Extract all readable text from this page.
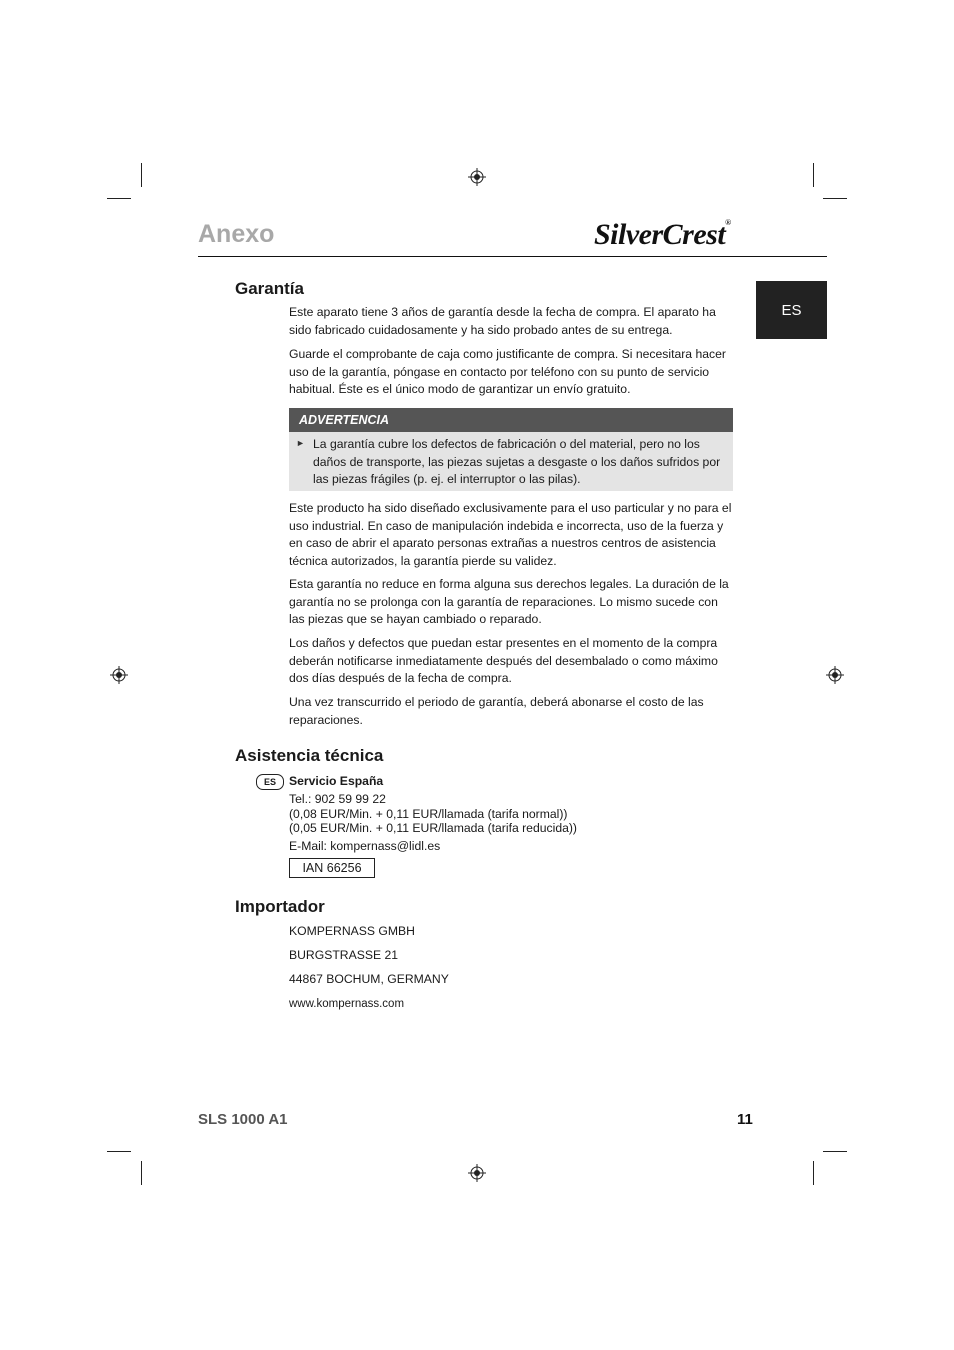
Anexo	SilverCrest®
ES
Garantía

Este aparato tiene 3 años de garantía desde la fecha de compra. El aparato ha sido fabricado cuidadosamente y ha sido probado antes de su entrega.

Guarde el comprobante de caja como justificante de compra. Si necesitara hacer uso de la garantía, póngase en contacto por teléfono con su punto de servicio habitual. Éste es el único modo de garantizar un envío gratuito.

ADVERTENCIA
► La garantía cubre los defectos de fabricación o del material, pero no los daños de transporte, las piezas sujetas a desgaste o los daños sufridos por las piezas frágiles (p. ej. el interruptor o las pilas).

Este producto ha sido diseñado exclusivamente para el uso particular y no para el uso industrial. En caso de manipulación indebida e incorrecta, uso de la fuerza y en caso de abrir el aparato personas extrañas a nuestros centros de asistencia técnica autorizados, la garantía pierde su validez.

Esta garantía no reduce en forma alguna sus derechos legales. La duración de la garantía no se prolonga con la garantía de reparaciones. Lo mismo sucede con las piezas que se hayan cambiado o reparado.

Los daños y defectos que puedan estar presentes en el momento de la compra deberán notificarse inmediatamente después del desembalado o como máximo dos días después de la fecha de compra.

Una vez transcurrido el periodo de garantía, deberá abonarse el costo de las reparaciones.

Asistencia técnica
ES	Servicio España
Tel.: 902 59 99 22
(0,08 EUR/Min. + 0,11 EUR/llamada (tarifa normal))
(0,05 EUR/Min. + 0,11 EUR/llamada (tarifa reducida))
E-Mail: kompernass@lidl.es
IAN 66256
Importador
KOMPERNASS GMBH
BURGSTRASSE 21
44867 BOCHUM, GERMANY
www.kompernass.com
SLS 1000 A1	11
